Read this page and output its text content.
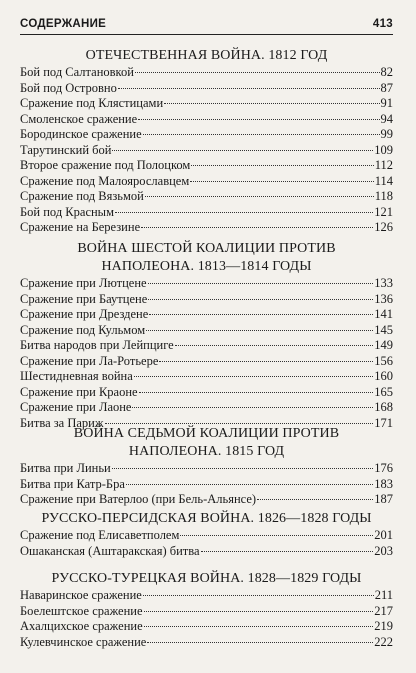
СОДЕРЖАНИЕ	413
ОТЕЧЕСТВЕННАЯ ВОЙНА. 1812 ГОД
Бой под Салтановкой	82
Бой под Островно	87
Сражение под Клястицами	91
Смоленское сражение	94
Бородинское сражение	99
Тарутинский бой	109
Второе сражение под Полоцком	112
Сражение под Малоярославцем	114
Сражение под Вязьмой	118
Бой под Красным	121
Сражение на Березине	126
ВОЙНА ШЕСТОЙ КОАЛИЦИИ ПРОТИВ
НАПОЛЕОНА. 1813—1814 ГОДЫ
Сражение при Лютцене	133
Сражение при Баутцене	136
Сражение при Дрездене	141
Сражение под Кульмом	145
Битва народов при Лейпциге	149
Сражение при Ла-Ротьере	156
Шестидневная война	160
Сражение при Краоне	165
Сражение при Лаоне	168
Битва за Париж	171
ВОЙНА СЕДЬМОЙ КОАЛИЦИИ ПРОТИВ
НАПОЛЕОНА. 1815 ГОД
Битва при Линьи	176
Битва при Катр-Бра	183
Сражение при Ватерлоо (при Бель-Альянсе)	187
РУССКО-ПЕРСИДСКАЯ ВОЙНА. 1826—1828 ГОДЫ
Сражение под Елисаветполем	201
Ошаканская (Аштаракская) битва	203
РУССКО-ТУРЕЦКАЯ ВОЙНА. 1828—1829 ГОДЫ
Наваринское сражение	211
Боелештское сражение	217
Ахалцихское сражение	219
Кулевчинское сражение	222
